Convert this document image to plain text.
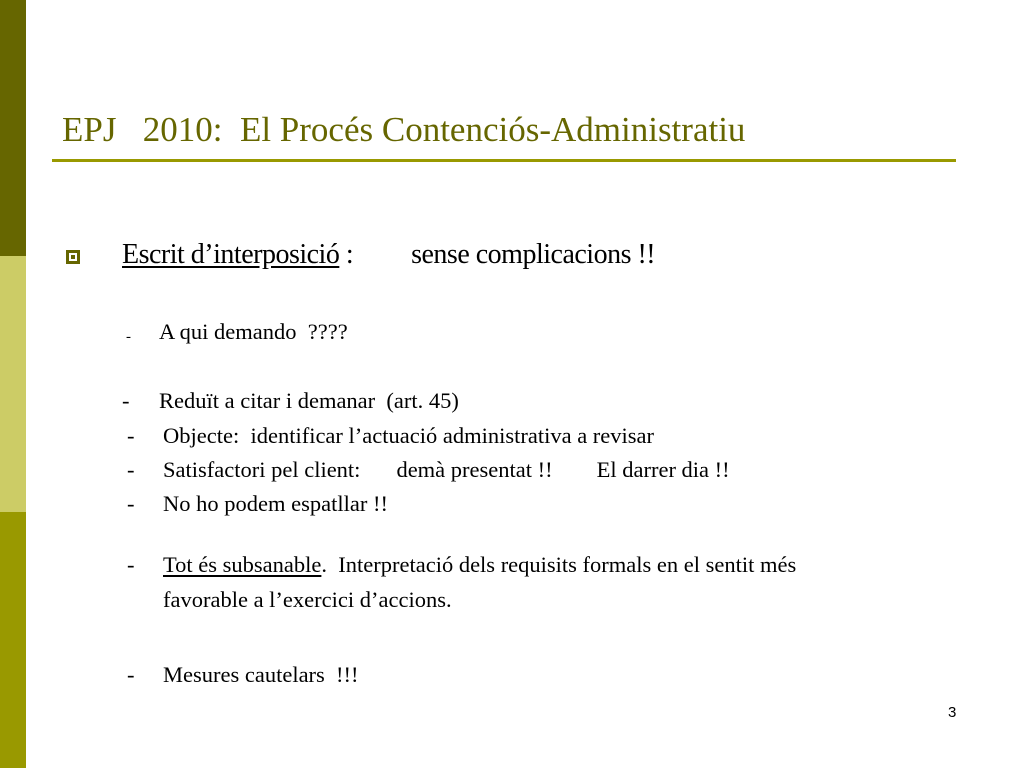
EPJ   2010:  El Procés Contenciós-Administratiu
Escrit d’interposició : sense complicacions !!
- A qui demando  ????
- Reduït a citar i demanar  (art. 45)
- Objecte:  identificar l’actuació administrativa a revisar
- Satisfactori pel client: demà presentat !! El darrer dia !!
- No ho podem espatllar !!
- Tot és subsanable.  Interpretació dels requisits formals en el sentit més
favorable a l’exercici d’accions.
- Mesures cautelars  !!!
3
